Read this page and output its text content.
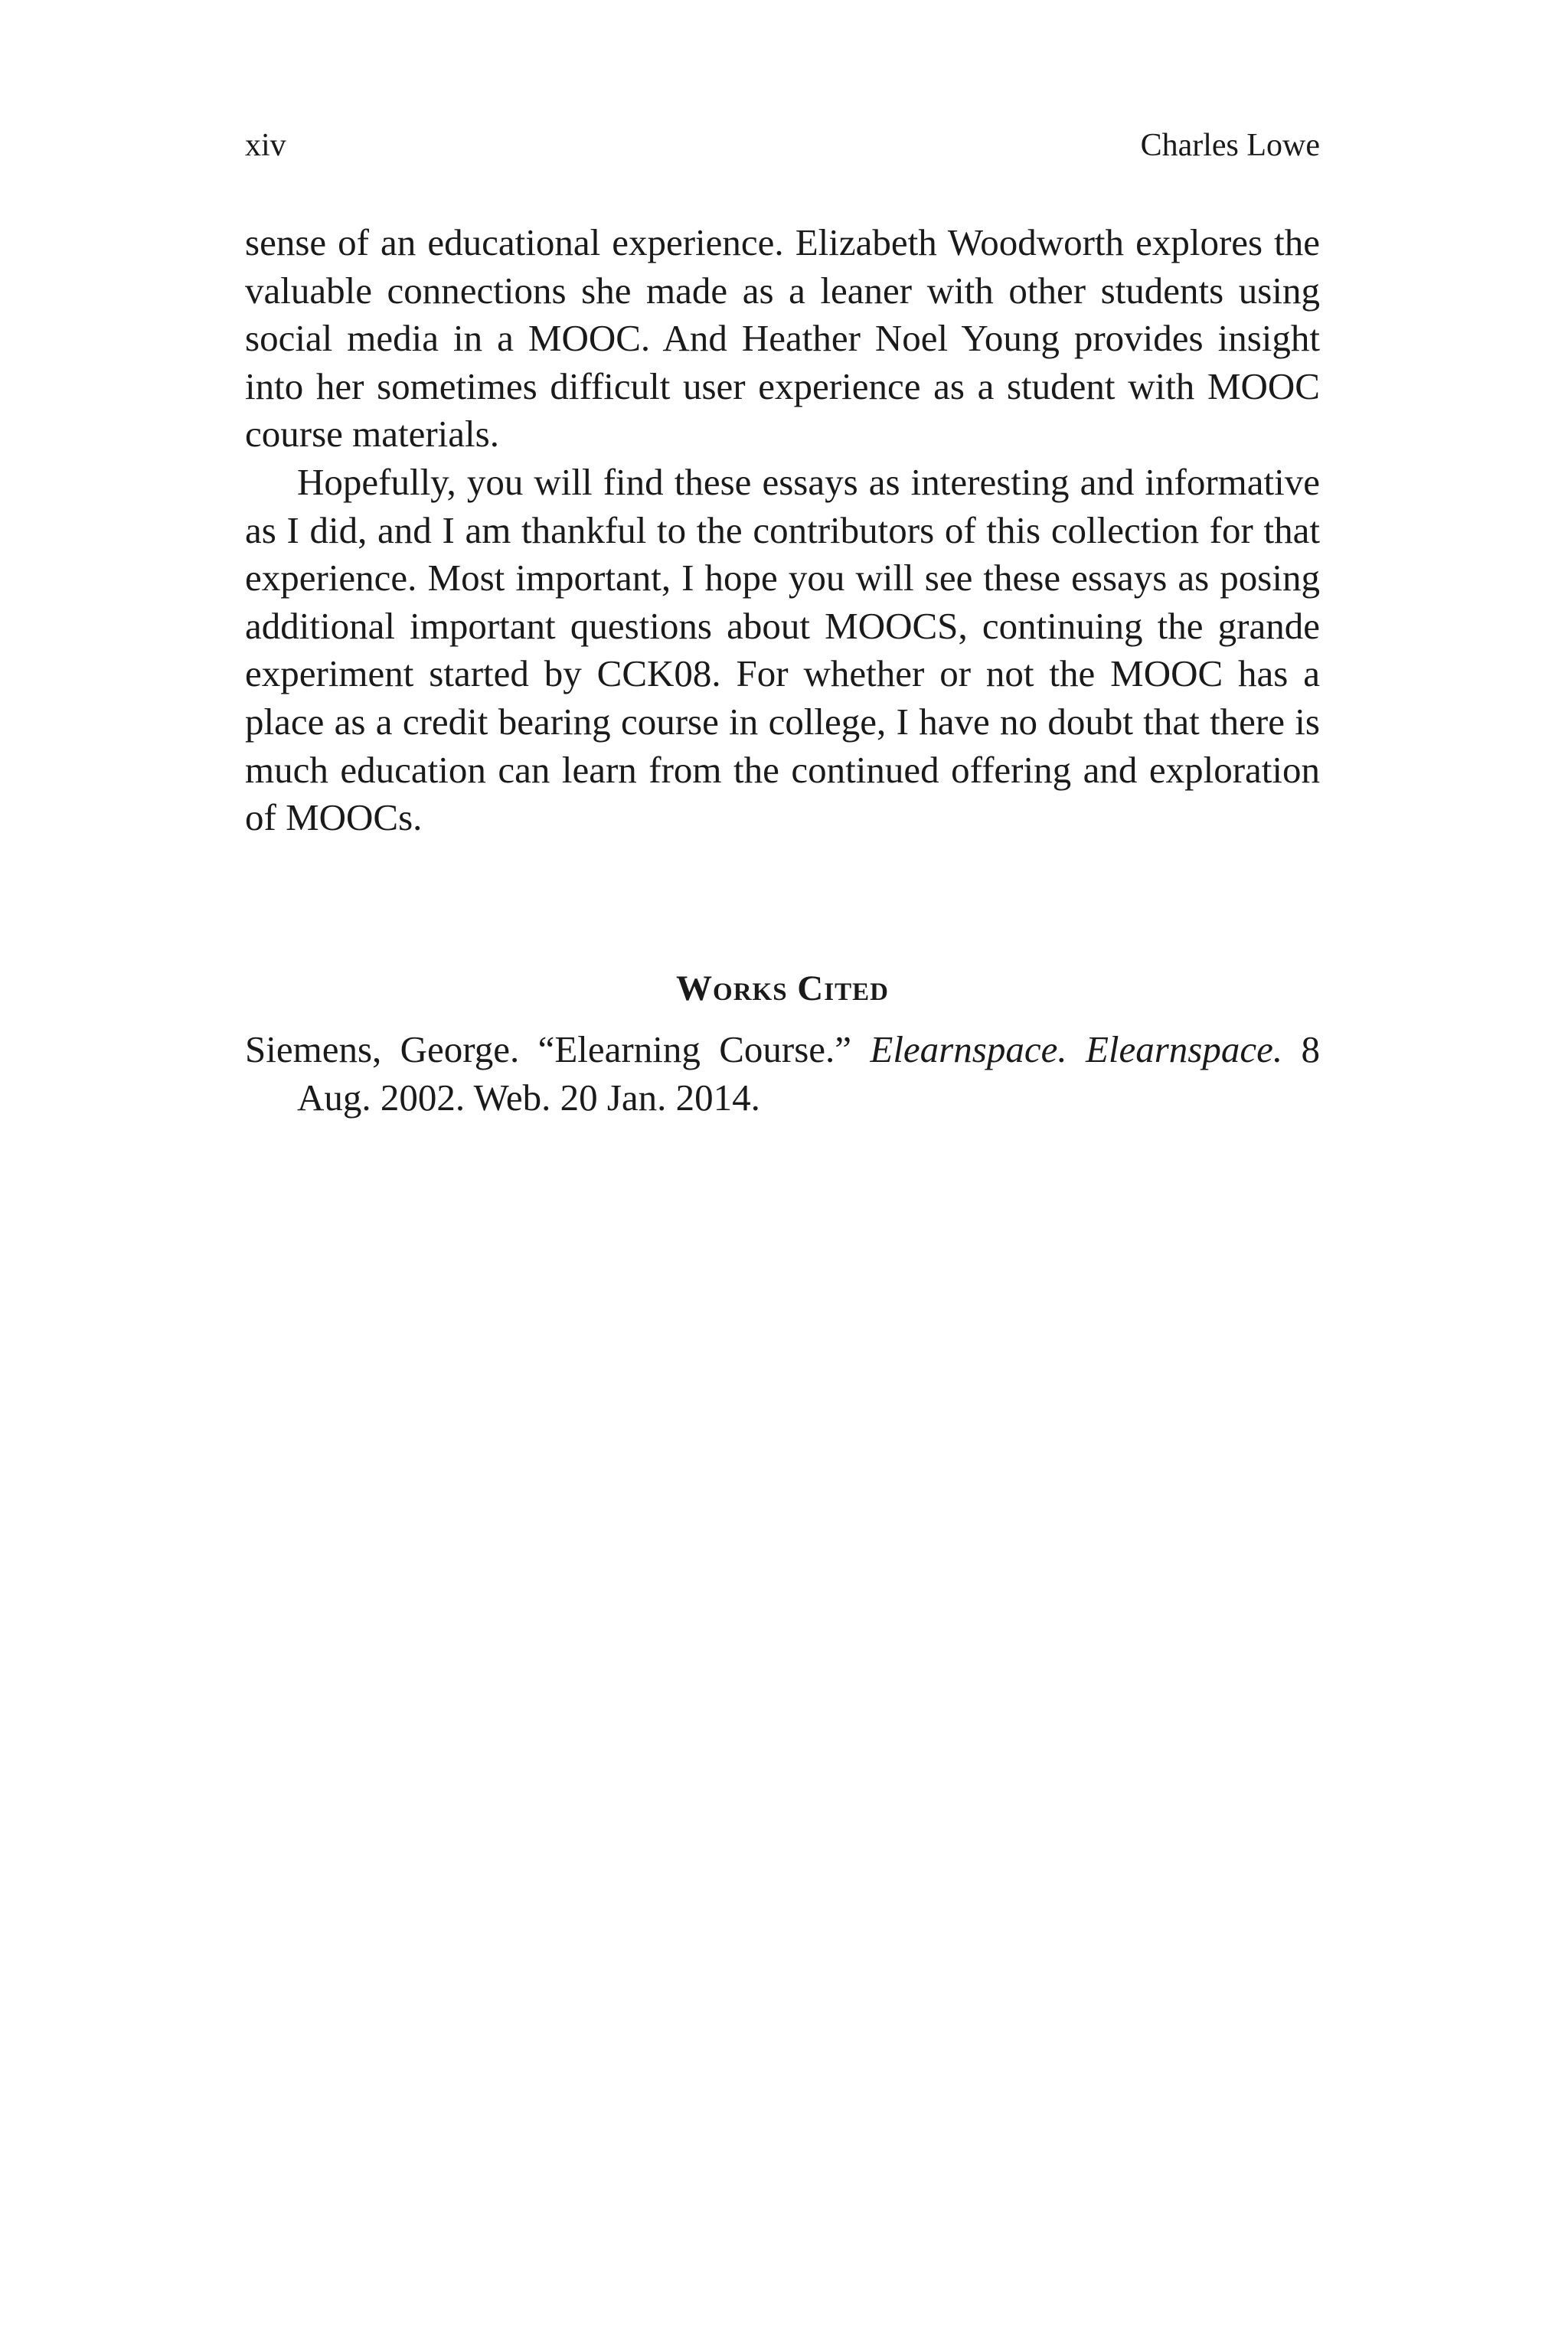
xiv	Charles Lowe

sense of an educational experience. Elizabeth Woodworth explores the valuable connections she made as a leaner with other students using social media in a MOOC. And Heather Noel Young provides insight into her sometimes difficult user experience as a student with MOOC course materials.

Hopefully, you will find these essays as interesting and informative as I did, and I am thankful to the contributors of this collection for that experience. Most important, I hope you will see these essays as posing additional important questions about MOOCS, continuing the grande experiment started by CCK08. For whether or not the MOOC has a place as a credit bearing course in college, I have no doubt that there is much education can learn from the continued offering and exploration of MOOCs.

Works Cited

Siemens, George. “Elearning Course.” Elearnspace. Elearnspace. 8 Aug. 2002. Web. 20 Jan. 2014.
